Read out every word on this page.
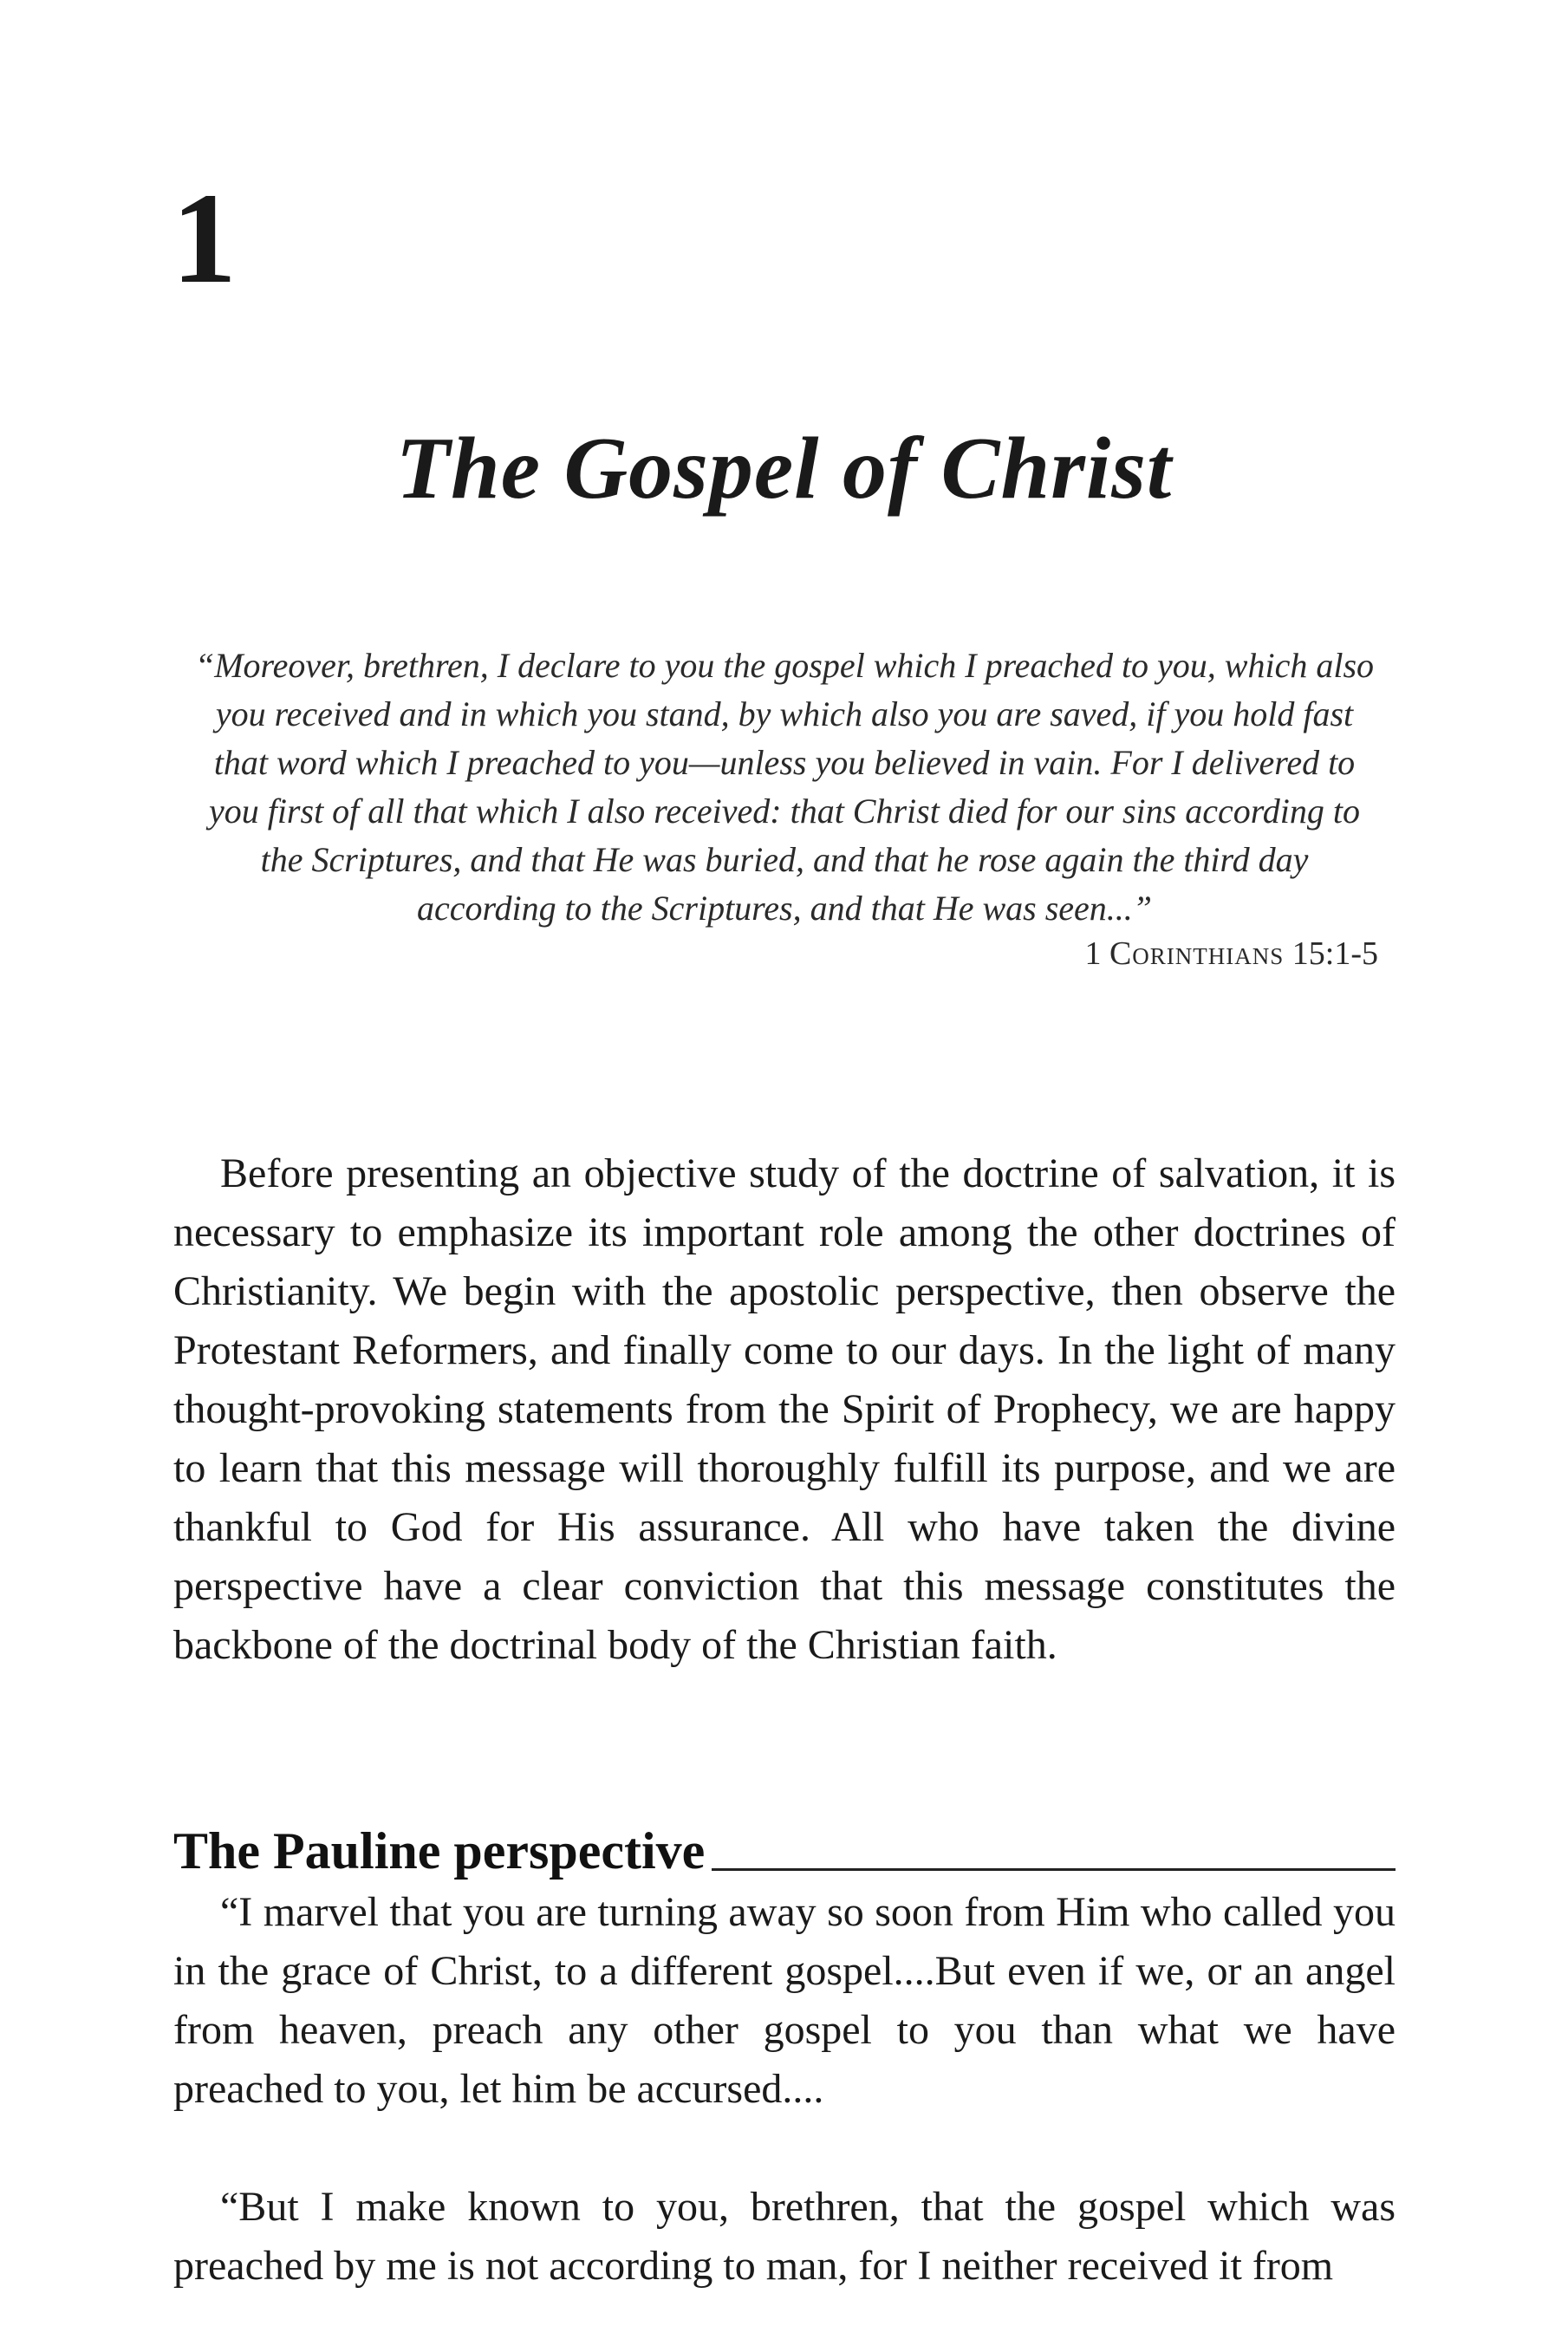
1
The Gospel of Christ

“Moreover, brethren, I declare to you the gospel which I preached to you, which also you received and in which you stand, by which also you are saved, if you hold fast that word which I preached to you—unless you believed in vain. For I delivered to you first of all that which I also received: that Christ died for our sins according to the Scriptures, and that He was buried, and that he rose again the third day according to the Scriptures, and that He was seen...”

1 Corinthians 15:1-5

Before presenting an objective study of the doctrine of salvation, it is necessary to emphasize its important role among the other doctrines of Christianity. We begin with the apostolic perspective, then observe the Protestant Reformers, and finally come to our days. In the light of many thought-provoking statements from the Spirit of Prophecy, we are happy to learn that this message will thoroughly fulfill its purpose, and we are thankful to God for His assurance. All who have taken the divine perspective have a clear conviction that this message constitutes the backbone of the doctrinal body of the Christian faith.

The Pauline perspective

“I marvel that you are turning away so soon from Him who called you in the grace of Christ, to a different gospel....But even if we, or an angel from heaven, preach any other gospel to you than what we have preached to you, let him be accursed....

“But I make known to you, brethren, that the gospel which was preached by me is not according to man, for I neither received it from
